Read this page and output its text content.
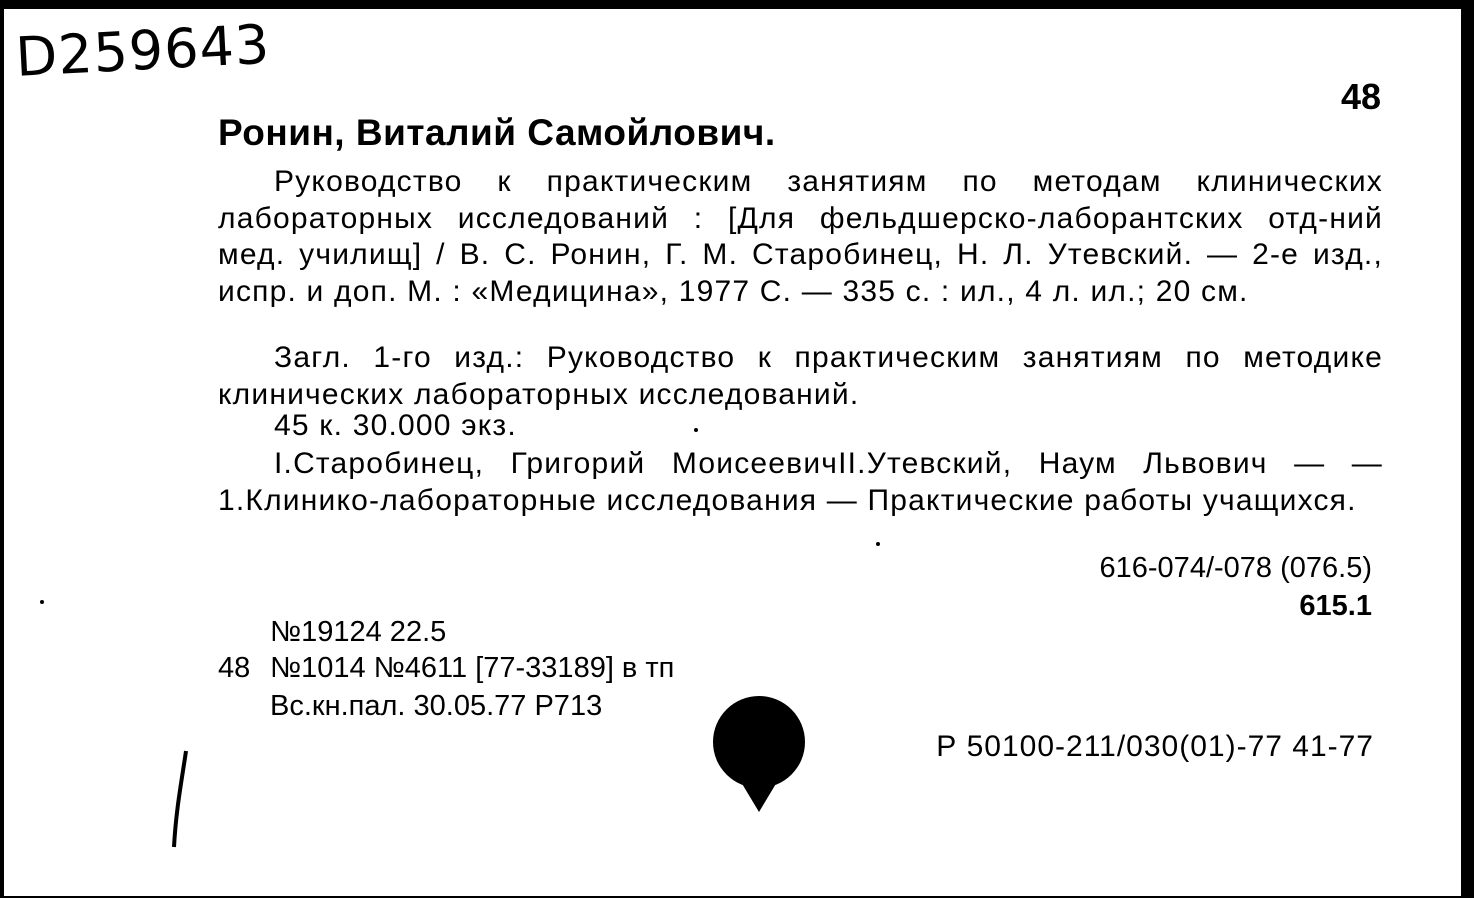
D259643
48
Ронин, Виталий Самойлович.
Руководство к практическим занятиям по методам клинических лабораторных исследований : [Для фельдшерско-лаборантских отд-ний мед. училищ] / В. С. Ронин, Г. М. Старобинец, Н. Л. Утевский. — 2-е изд., испр. и доп. М. : «Медицина», 1977 С. — 335 с. : ил., 4 л. ил.; 20 см.
Загл. 1-го изд.: Руководство к практическим занятиям по методике клинических лабораторных исследований.
45 к. 30.000 экз.
I.Старобинец, Григорий МоисеевичII.Утевский, Наум Львович — — 1.Клинико-лабораторные исследования — Практические работы учащихся.
616-074/-078 (076.5)
615.1
№19124 22.5
48 №1014 №4611 [77-33189] в тп
Вс.кн.пал. 30.05.77 Р713
Р 50100-211/030(01)-77 41-77
